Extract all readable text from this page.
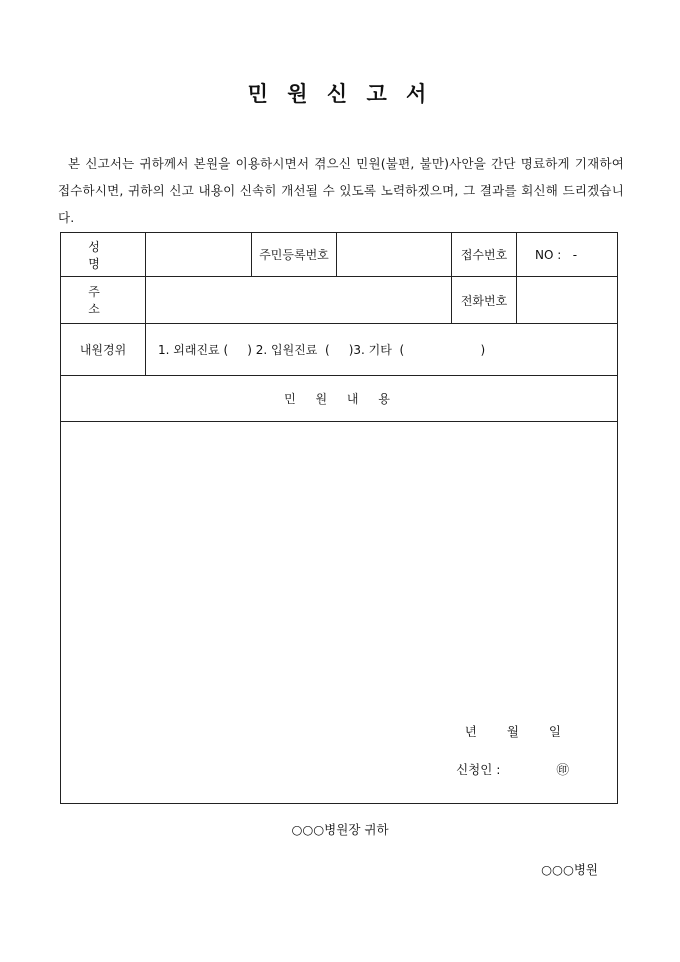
민 원 신 고 서
본 신고서는 귀하께서 본원을 이용하시면서 겪으신 민원(불편, 불만)사안을 간단 명료하게 기재하여 접수하시면, 귀하의 신고 내용이 신속히 개선될 수 있도록 노력하겠으며, 그 결과를 회신해 드리겠습니다.
성 명		주민등록번호		접수번호	NO :   -
주 소				전화번호	
내원경위	1. 외래진료 (     ) 2. 입원진료  (     )3. 기타  (                    )				
민 원 내 용					

년 월 일
신청인 : ㊞					
○○○병원장 귀하
○○○병원
